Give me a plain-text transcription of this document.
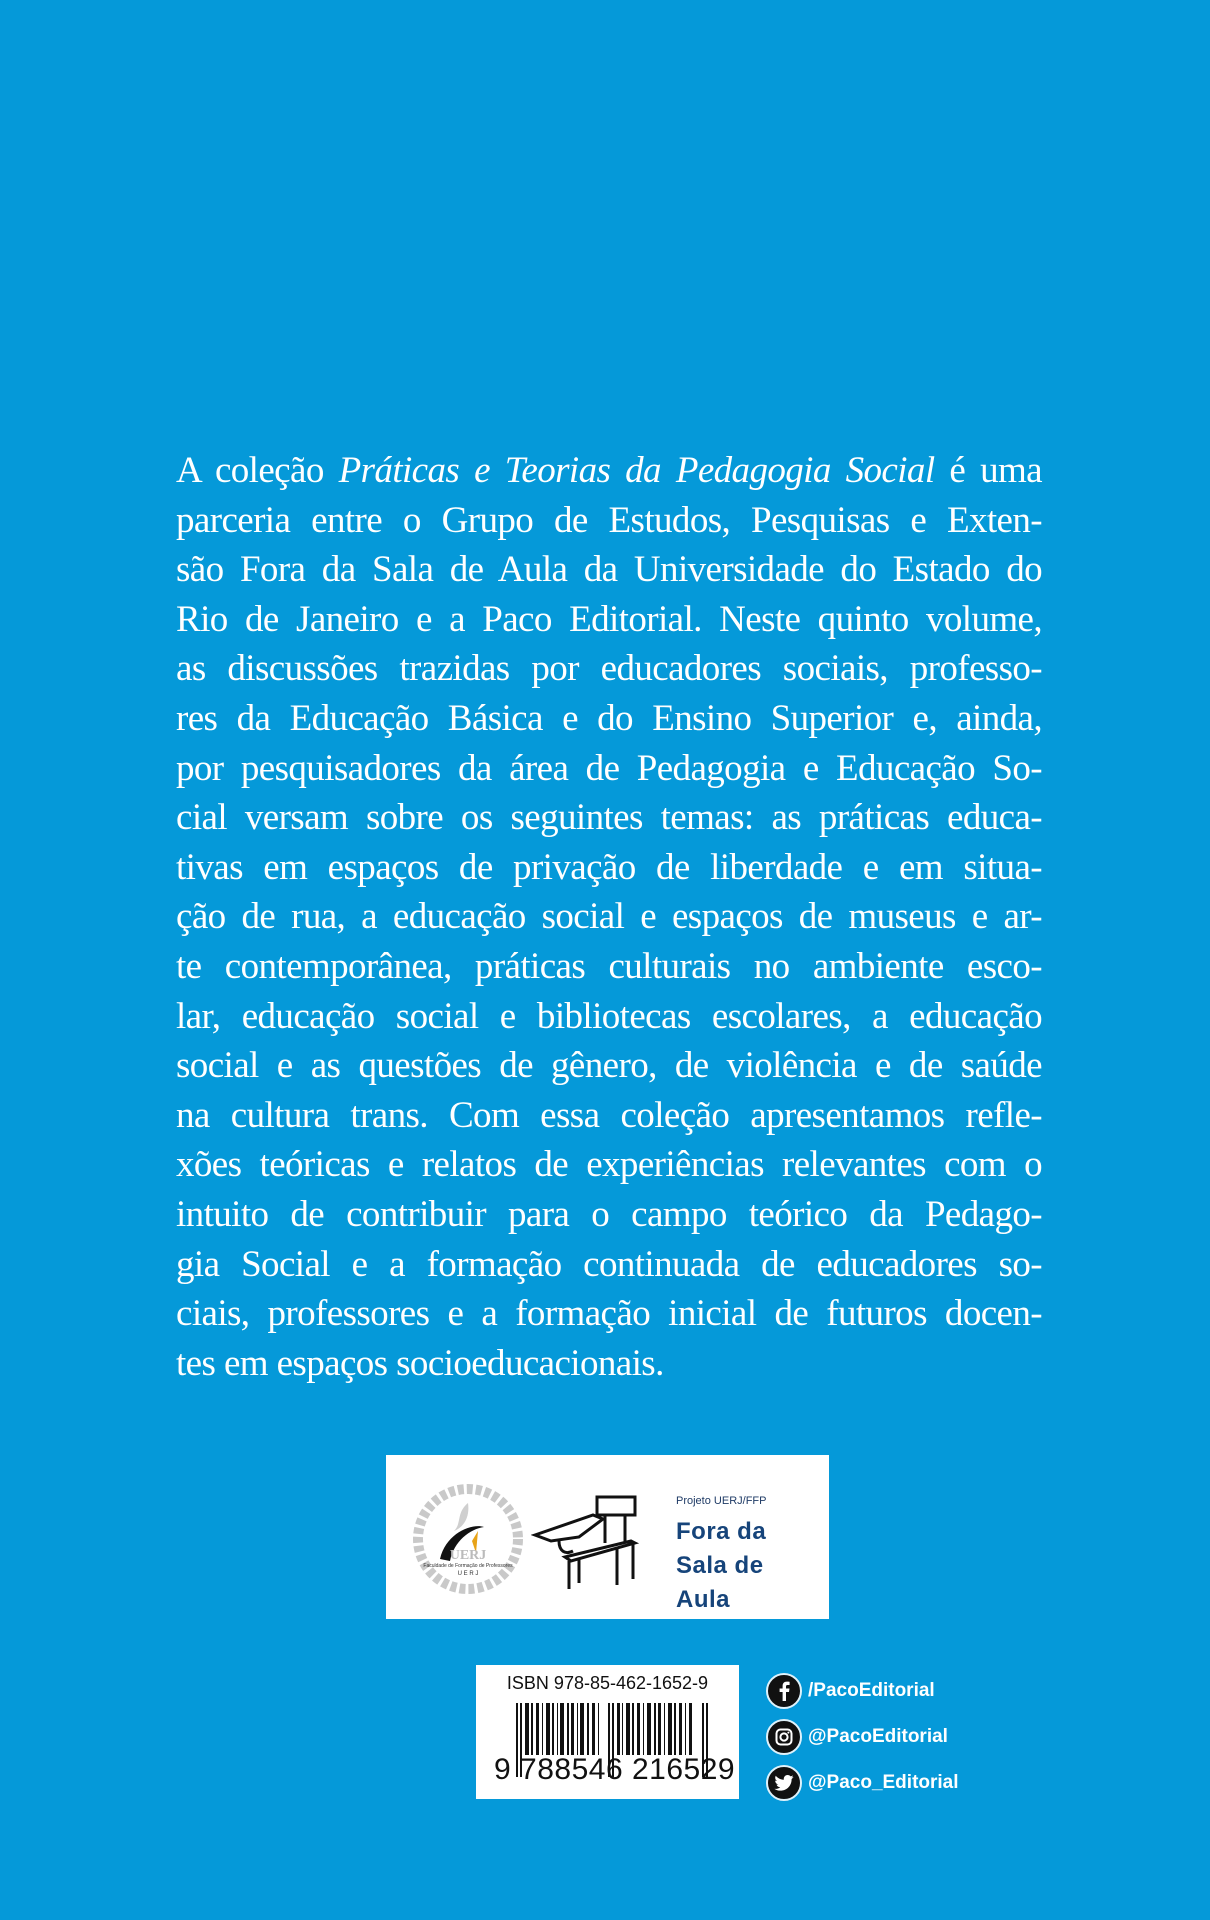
A coleção Práticas e Teorias da Pedagogia Social é uma
parceria entre o Grupo de Estudos, Pesquisas e Exten-
são Fora da Sala de Aula da Universidade do Estado do
Rio de Janeiro e a Paco Editorial. Neste quinto volume,
as discussões trazidas por educadores sociais, professo-
res da Educação Básica e do Ensino Superior e, ainda,
por pesquisadores da área de Pedagogia e Educação So-
cial versam sobre os seguintes temas: as práticas educa-
tivas em espaços de privação de liberdade e em situa-
ção de rua, a educação social e espaços de museus e ar-
te contemporânea, práticas culturais no ambiente esco-
lar, educação social e bibliotecas escolares, a educação
social e as questões de gênero, de violência e de saúde
na cultura trans. Com essa coleção apresentamos refle-
xões teóricas e relatos de experiências relevantes com o
intuito de contribuir para o campo teórico da Pedago-
gia Social e a formação continuada de educadores so-
ciais, professores e a formação inicial de futuros docen-
tes em espaços socioeducacionais.
UERJ
Faculdade de Formação de Professores
U E R J
Projeto UERJ/FFP
Fora da
Sala de
Aula
ISBN 978-85-462-1652-9
9 788546 216529
/PacoEditorial
@PacoEditorial
@Paco_Editorial
